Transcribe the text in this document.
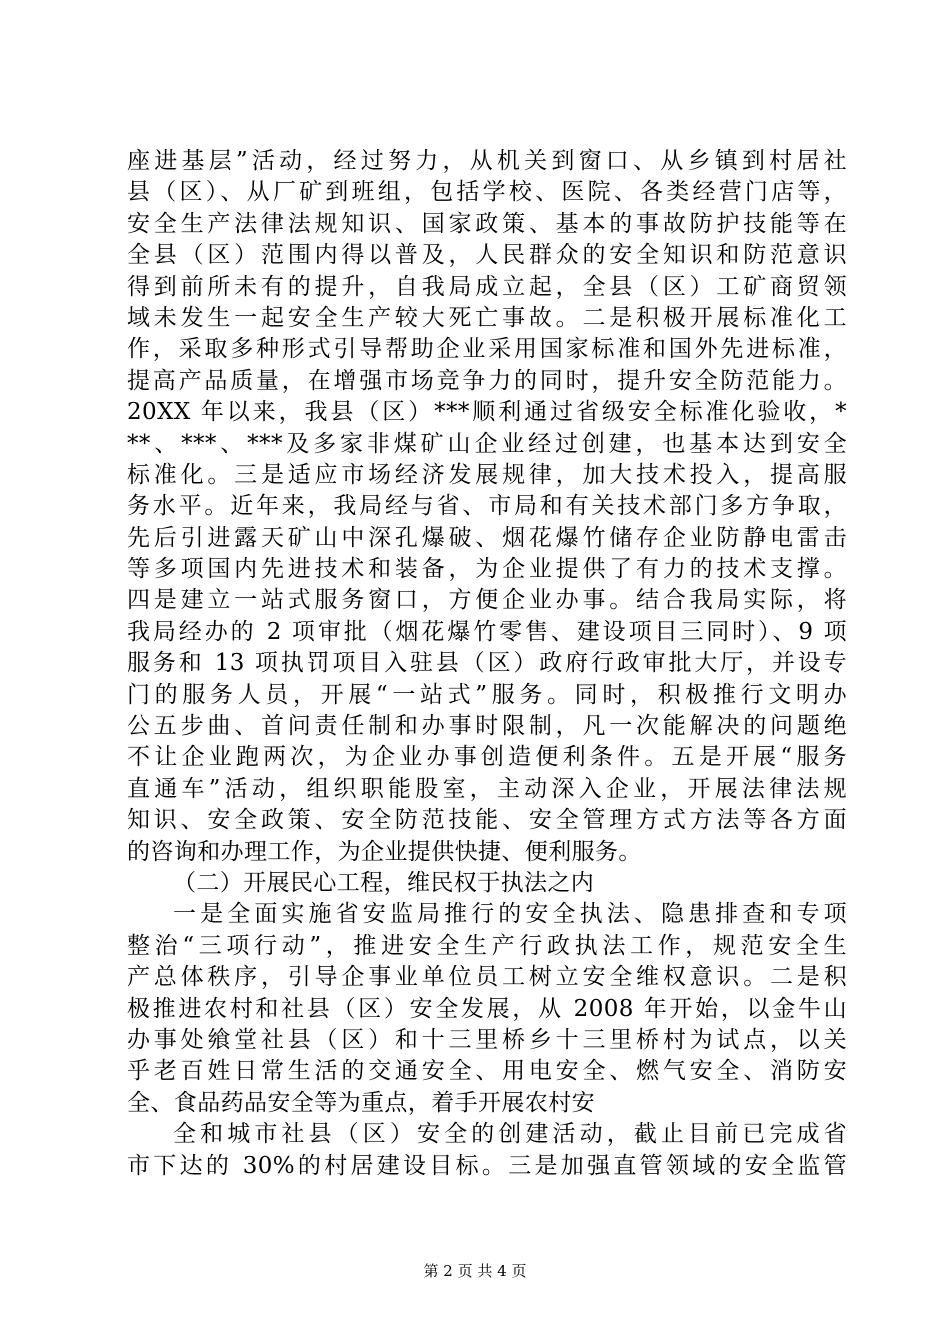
座进基层”活动，经过努力，从机关到窗口、从乡镇到村居社
县（区）、从厂矿到班组，包括学校、医院、各类经营门店等，
安全生产法律法规知识、国家政策、基本的事故防护技能等在
全县（区）范围内得以普及，人民群众的安全知识和防范意识
得到前所未有的提升，自我局成立起，全县（区）工矿商贸领
域未发生一起安全生产较大死亡事故。二是积极开展标准化工
作，采取多种形式引导帮助企业采用国家标准和国外先进标准，
提高产品质量，在增强市场竞争力的同时，提升安全防范能力。
20XX 年以来，我县（区）***顺利通过省级安全标准化验收，*
**、***、***及多家非煤矿山企业经过创建，也基本达到安全
标准化。三是适应市场经济发展规律，加大技术投入，提高服
务水平。近年来，我局经与省、市局和有关技术部门多方争取，
先后引进露天矿山中深孔爆破、烟花爆竹储存企业防静电雷击
等多项国内先进技术和装备，为企业提供了有力的技术支撑。
四是建立一站式服务窗口，方便企业办事。结合我局实际，将
我局经办的 2 项审批（烟花爆竹零售、建设项目三同时）、9 项
服务和 13 项执罚项目入驻县（区）政府行政审批大厅，并设专
门的服务人员，开展“一站式”服务。同时，积极推行文明办
公五步曲、首问责任制和办事时限制，凡一次能解决的问题绝
不让企业跑两次，为企业办事创造便利条件。五是开展“服务
直通车”活动，组织职能股室，主动深入企业，开展法律法规
知识、安全政策、安全防范技能、安全管理方式方法等各方面
的咨询和办理工作，为企业提供快捷、便利服务。
（二）开展民心工程，维民权于执法之内
一是全面实施省安监局推行的安全执法、隐患排查和专项
整治“三项行动”，推进安全生产行政执法工作，规范安全生
产总体秩序，引导企事业单位员工树立安全维权意识。二是积
极推进农村和社县（区）安全发展，从 2008 年开始，以金牛山
办事处飨堂社县（区）和十三里桥乡十三里桥村为试点，以关
乎老百姓日常生活的交通安全、用电安全、燃气安全、消防安
全、食品药品安全等为重点，着手开展农村安
全和城市社县（区）安全的创建活动，截止目前已完成省
市下达的 30%的村居建设目标。三是加强直管领域的安全监管
第 2 页 共 4 页
